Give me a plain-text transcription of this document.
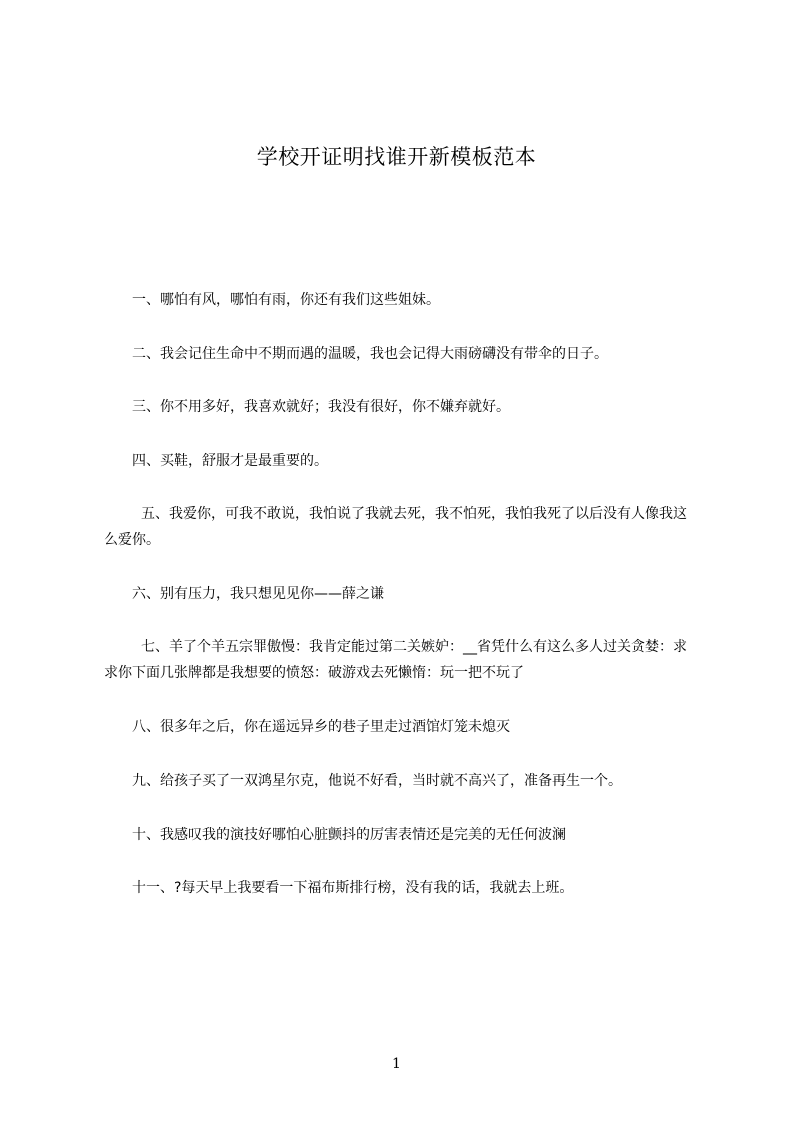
学校开证明找谁开新模板范本

一、哪怕有风，哪怕有雨，你还有我们这些姐妹。

二、我会记住生命中不期而遇的温暖，我也会记得大雨磅礴没有带伞的日子。

三、你不用多好，我喜欢就好；我没有很好，你不嫌弃就好。

四、买鞋，舒服才是最重要的。

五、我爱你，可我不敢说，我怕说了我就去死，我不怕死，我怕我死了以后没有人像我这么爱你。

六、别有压力，我只想见见你——薛之谦

七、羊了个羊五宗罪傲慢：我肯定能过第二关嫉妒：__省凭什么有这么多人过关贪婪：求求你下面几张牌都是我想要的愤怒：破游戏去死懒惰：玩一把不玩了

八、很多年之后，你在遥远异乡的巷子里走过酒馆灯笼未熄灭

九、给孩子买了一双鸿星尔克，他说不好看，当时就不高兴了，准备再生一个。

十、我感叹我的演技好哪怕心脏颤抖的厉害表情还是完美的无任何波澜

十一、?每天早上我要看一下福布斯排行榜，没有我的话，我就去上班。

1
